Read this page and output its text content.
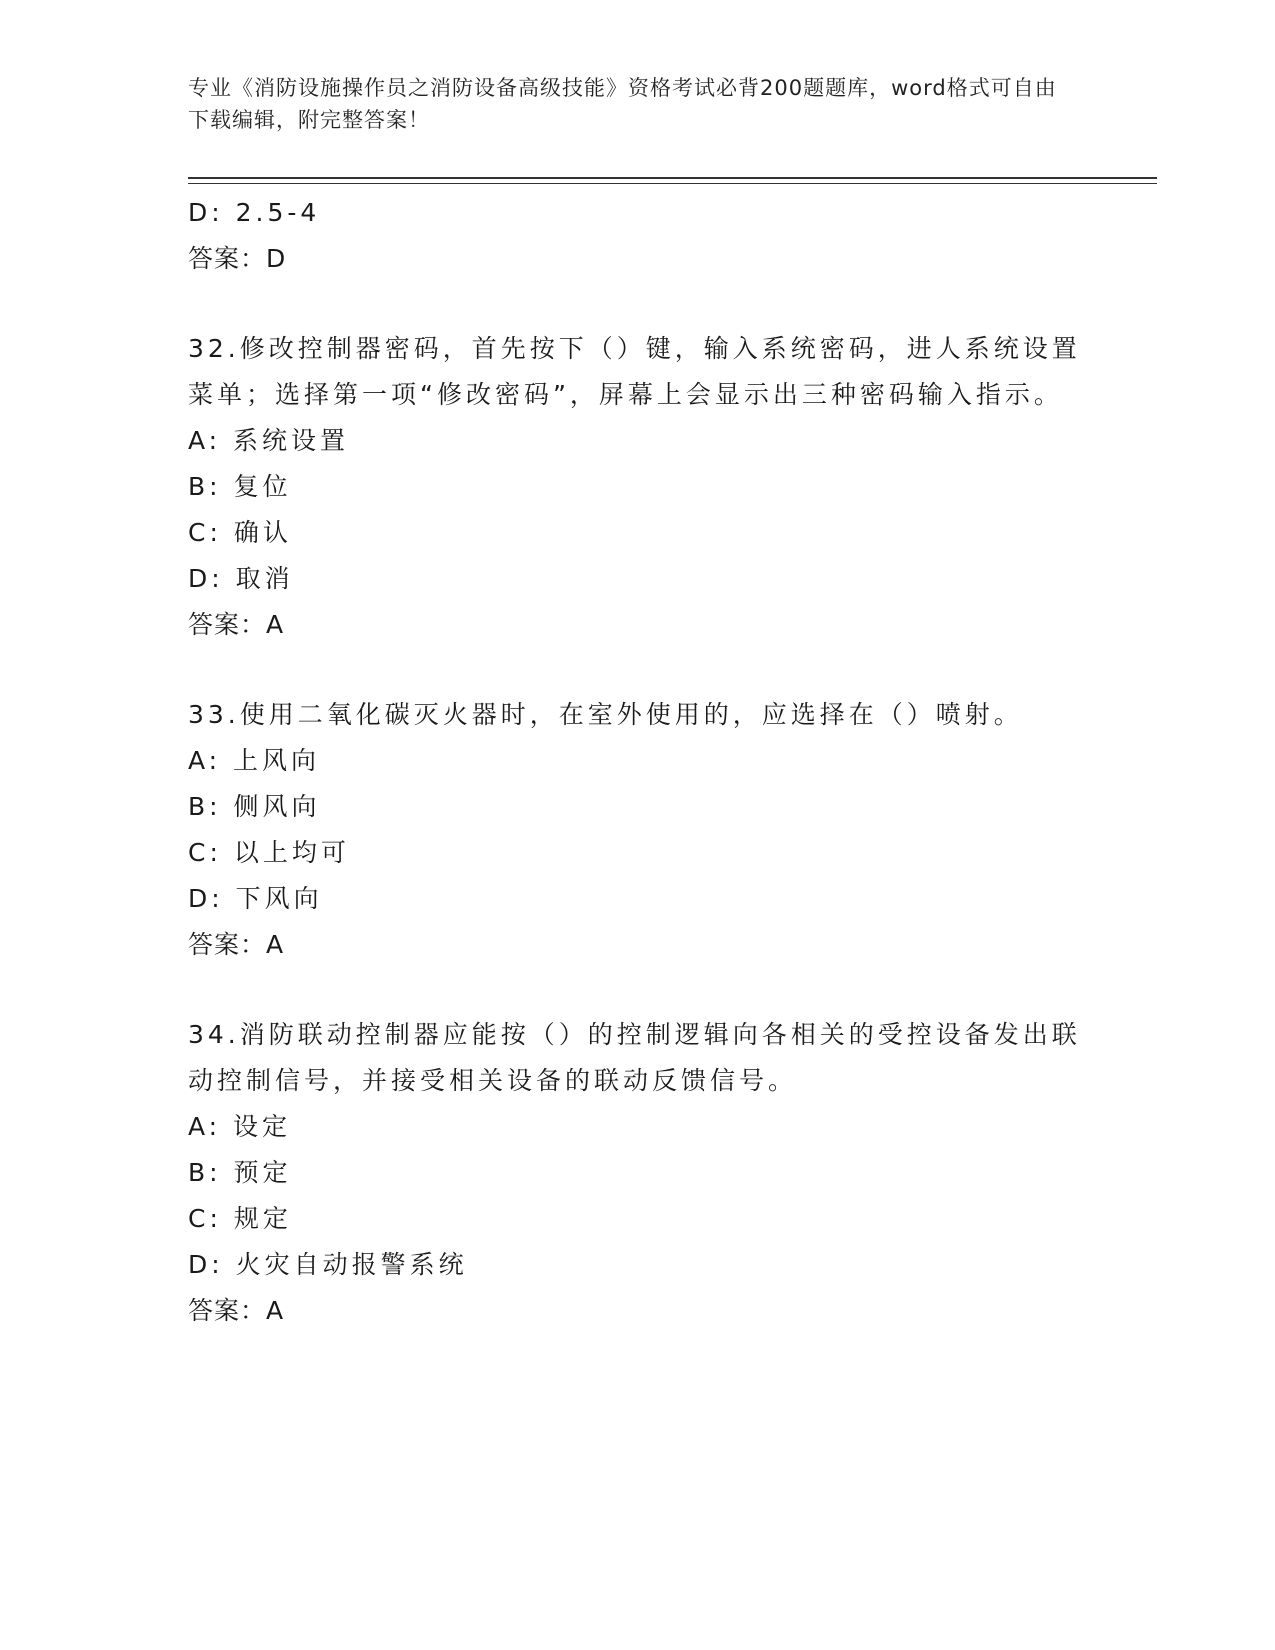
专业《消防设施操作员之消防设备高级技能》资格考试必背200题题库，word格式可自由下载编辑，附完整答案！
D: 2.5-4
答案：D
32.修改控制器密码，首先按下（）键，输入系统密码，进人系统设置菜单；选择第一项“修改密码”，屏幕上会显示出三种密码输入指示。
A: 系统设置
B: 复位
C: 确认
D: 取消
答案：A
33.使用二氧化碳灭火器时，在室外使用的，应选择在（）喷射。
A: 上风向
B: 侧风向
C: 以上均可
D: 下风向
答案：A
34.消防联动控制器应能按（）的控制逻辑向各相关的受控设备发出联动控制信号，并接受相关设备的联动反馈信号。
A: 设定
B: 预定
C: 规定
D: 火灾自动报警系统
答案：A
